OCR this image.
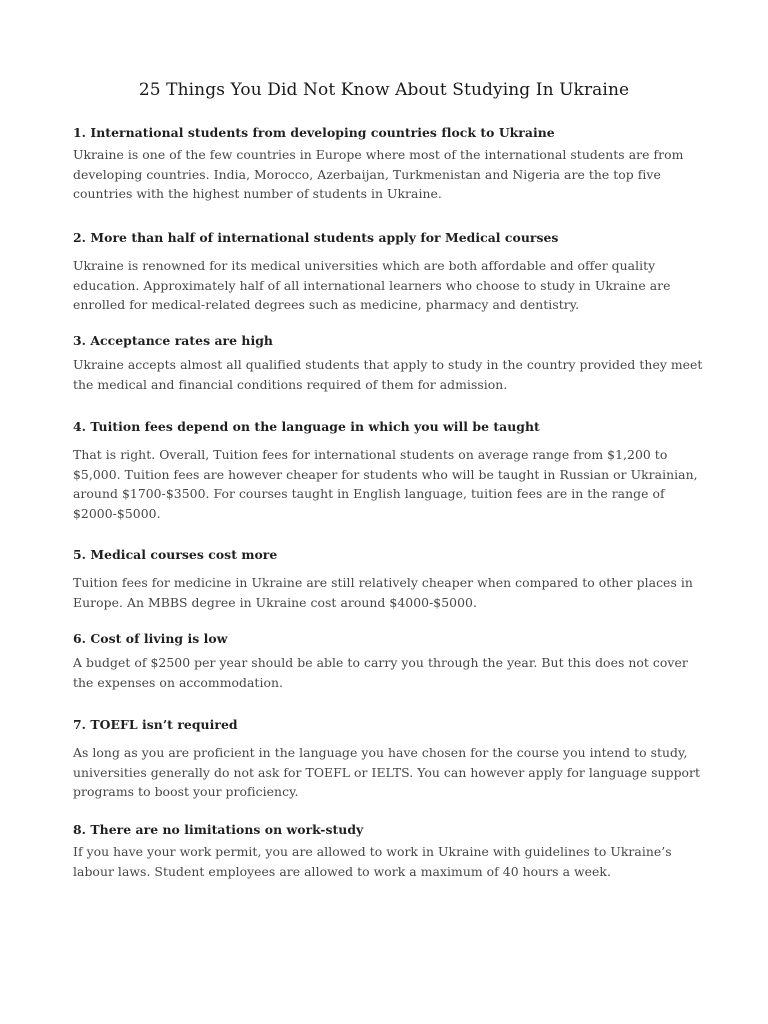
25 Things You Did Not Know About Studying In Ukraine

1. International students from developing countries flock to Ukraine

Ukraine is one of the few countries in Europe where most of the international students are from developing countries. India, Morocco, Azerbaijan, Turkmenistan and Nigeria are the top five countries with the highest number of students in Ukraine.

2. More than half of international students apply for Medical courses

Ukraine is renowned for its medical universities which are both affordable and offer quality education. Approximately half of all international learners who choose to study in Ukraine are enrolled for medical-related degrees such as medicine, pharmacy and dentistry.

3. Acceptance rates are high

Ukraine accepts almost all qualified students that apply to study in the country provided they meet the medical and financial conditions required of them for admission.

4. Tuition fees depend on the language in which you will be taught

That is right. Overall, Tuition fees for international students on average range from $1,200 to $5,000. Tuition fees are however cheaper for students who will be taught in Russian or Ukrainian, around $1700-$3500. For courses taught in English language, tuition fees are in the range of $2000-$5000.

5. Medical courses cost more

Tuition fees for medicine in Ukraine are still relatively cheaper when compared to other places in Europe. An MBBS degree in Ukraine cost around $4000-$5000.

6. Cost of living is low

A budget of $2500 per year should be able to carry you through the year. But this does not cover the expenses on accommodation.

7. TOEFL isn’t required

As long as you are proficient in the language you have chosen for the course you intend to study, universities generally do not ask for TOEFL or IELTS. You can however apply for language support programs to boost your proficiency.

8. There are no limitations on work-study

If you have your work permit, you are allowed to work in Ukraine with guidelines to Ukraine’s labour laws. Student employees are allowed to work a maximum of 40 hours a week.
